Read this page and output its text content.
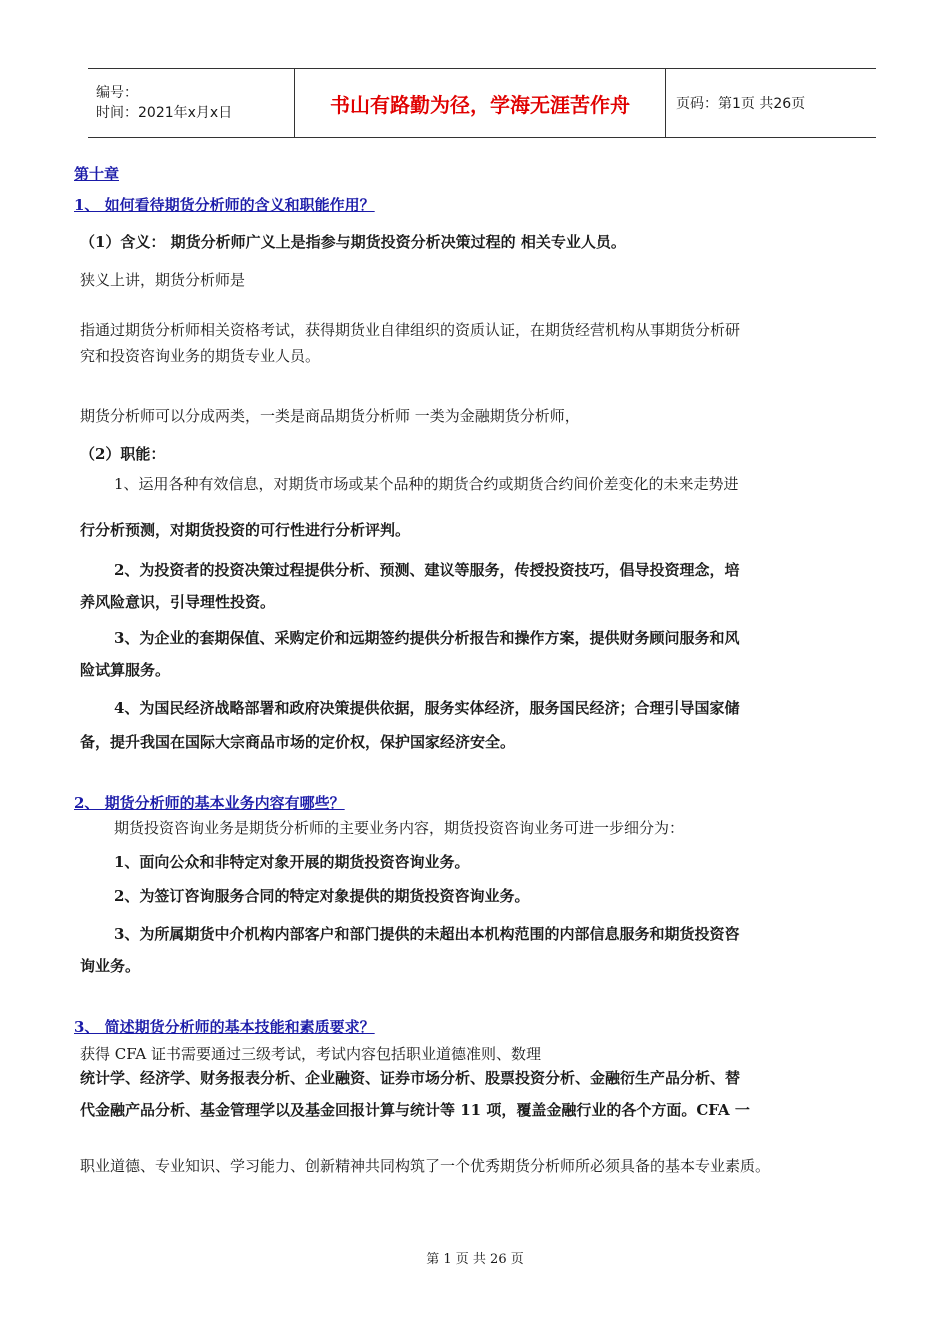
编号：
时间：2021年x月x日	书山有路勤为径，学海无涯苦作舟	页码：第1页 共26页
第十章
1、 如何看待期货分析师的含义和职能作用？
（1）含义： 期货分析师广义上是指参与期货投资分析决策过程的 相关专业人员。
狭义上讲，期货分析师是
指通过期货分析师相关资格考试，获得期货业自律组织的资质认证，在期货经营机构从事期货分析研
究和投资咨询业务的期货专业人员。
期货分析师可以分成两类，一类是商品期货分析师 一类为金融期货分析师，
（2）职能：
1、运用各种有效信息，对期货市场或某个品种的期货合约或期货合约间价差变化的未来走势进
行分析预测，对期货投资的可行性进行分析评判。
2、为投资者的投资决策过程提供分析、预测、建议等服务，传授投资技巧，倡导投资理念，培
养风险意识，引导理性投资。
3、为企业的套期保值、采购定价和远期签约提供分析报告和操作方案，提供财务顾问服务和风
险试算服务。
4、为国民经济战略部署和政府决策提供依据，服务实体经济，服务国民经济；合理引导国家储
备，提升我国在国际大宗商品市场的定价权，保护国家经济安全。
2、 期货分析师的基本业务内容有哪些？
期货投资咨询业务是期货分析师的主要业务内容，期货投资咨询业务可进一步细分为：
1、面向公众和非特定对象开展的期货投资咨询业务。
2、为签订咨询服务合同的特定对象提供的期货投资咨询业务。
3、为所属期货中介机构内部客户和部门提供的未超出本机构范围的内部信息服务和期货投资咨
询业务。
3、 简述期货分析师的基本技能和素质要求？
获得 CFA 证书需要通过三级考试，考试内容包括职业道德准则、数理
统计学、经济学、财务报表分析、企业融资、证券市场分析、股票投资分析、金融衍生产品分析、替
代金融产品分析、基金管理学以及基金回报计算与统计等 11 项，覆盖金融行业的各个方面。CFA 一
职业道德、专业知识、学习能力、创新精神共同构筑了一个优秀期货分析师所必须具备的基本专业素质。
第 1 页 共 26 页
